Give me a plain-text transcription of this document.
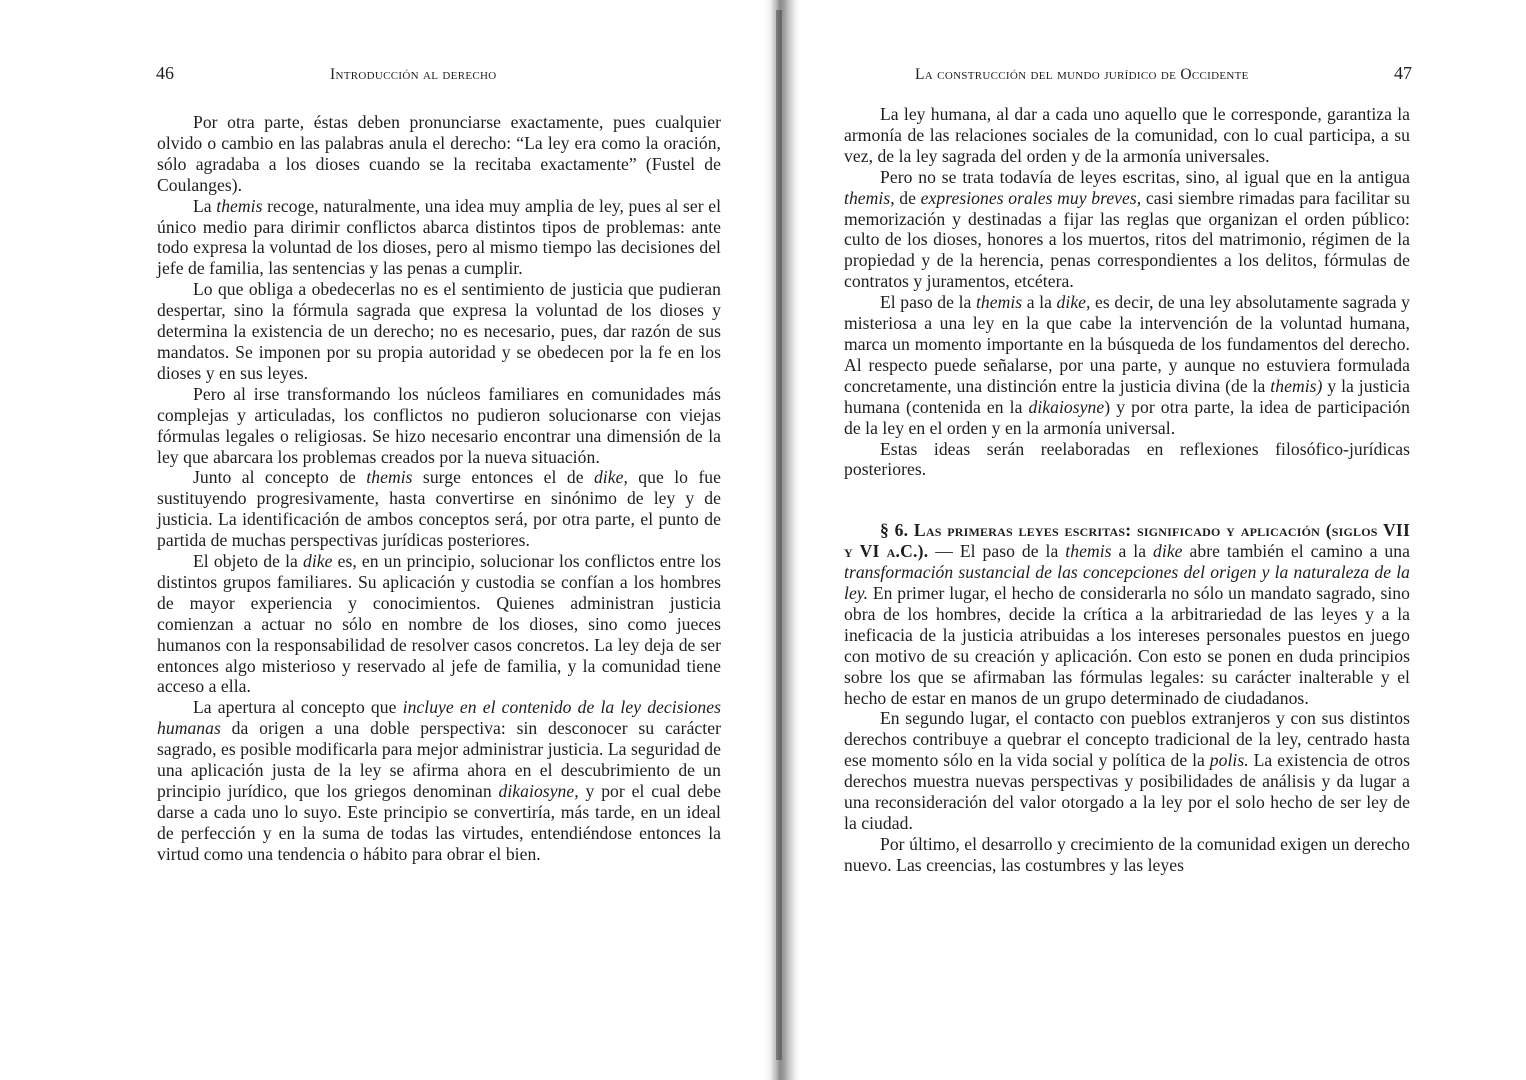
46	Introducción al derecho

Por otra parte, éstas deben pronunciarse exactamente, pues cualquier olvido o cambio en las palabras anula el derecho: “La ley era como la oración, sólo agradaba a los dioses cuando se la recitaba exactamente” (Fustel de Coulanges).

La themis recoge, naturalmente, una idea muy amplia de ley, pues al ser el único medio para dirimir conflictos abarca distintos tipos de problemas: ante todo expresa la voluntad de los dioses, pero al mismo tiempo las decisiones del jefe de familia, las sentencias y las penas a cumplir.

Lo que obliga a obedecerlas no es el sentimiento de justicia que pudieran despertar, sino la fórmula sagrada que expresa la voluntad de los dioses y determina la existencia de un derecho; no es necesario, pues, dar razón de sus mandatos. Se imponen por su propia autoridad y se obedecen por la fe en los dioses y en sus leyes.

Pero al irse transformando los núcleos familiares en comunidades más complejas y articuladas, los conflictos no pudieron solucionarse con viejas fórmulas legales o religiosas. Se hizo necesario encontrar una dimensión de la ley que abarcara los problemas creados por la nueva situación.

Junto al concepto de themis surge entonces el de dike, que lo fue sustituyendo progresivamente, hasta convertirse en sinónimo de ley y de justicia. La identificación de ambos conceptos será, por otra parte, el punto de partida de muchas perspectivas jurídicas posteriores.

El objeto de la dike es, en un principio, solucionar los conflictos entre los distintos grupos familiares. Su aplicación y custodia se confían a los hombres de mayor experiencia y conocimientos. Quienes administran justicia comienzan a actuar no sólo en nombre de los dioses, sino como jueces humanos con la responsabilidad de resolver casos concretos. La ley deja de ser entonces algo misterioso y reservado al jefe de familia, y la comunidad tiene acceso a ella.

La apertura al concepto que incluye en el contenido de la ley decisiones humanas da origen a una doble perspectiva: sin desconocer su carácter sagrado, es posible modificarla para mejor administrar justicia. La seguridad de una aplicación justa de la ley se afirma ahora en el descubrimiento de un principio jurídico, que los griegos denominan dikaiosyne, y por el cual debe darse a cada uno lo suyo. Este principio se convertiría, más tarde, en un ideal de perfección y en la suma de todas las virtudes, entendiéndose entonces la virtud como una tendencia o hábito para obrar el bien.

La construcción del mundo jurídico de Occidente	47

La ley humana, al dar a cada uno aquello que le corresponde, garantiza la armonía de las relaciones sociales de la comunidad, con lo cual participa, a su vez, de la ley sagrada del orden y de la armonía universales.

Pero no se trata todavía de leyes escritas, sino, al igual que en la antigua themis, de expresiones orales muy breves, casi siembre rimadas para facilitar su memorización y destinadas a fijar las reglas que organizan el orden público: culto de los dioses, honores a los muertos, ritos del matrimonio, régimen de la propiedad y de la herencia, penas correspondientes a los delitos, fórmulas de contratos y juramentos, etcétera.

El paso de la themis a la dike, es decir, de una ley absolutamente sagrada y misteriosa a una ley en la que cabe la intervención de la voluntad humana, marca un momento importante en la búsqueda de los fundamentos del derecho. Al respecto puede señalarse, por una parte, y aunque no estuviera formulada concretamente, una distinción entre la justicia divina (de la themis) y la justicia humana (contenida en la dikaiosyne) y por otra parte, la idea de participación de la ley en el orden y en la armonía universal.

Estas ideas serán reelaboradas en reflexiones filosófico-jurídicas posteriores.

§ 6. Las primeras leyes escritas: significado y aplicación (siglos VII y VI a.C.). — El paso de la themis a la dike abre también el camino a una transformación sustancial de las concepciones del origen y la naturaleza de la ley. En primer lugar, el hecho de considerarla no sólo un mandato sagrado, sino obra de los hombres, decide la crítica a la arbitrariedad de las leyes y a la ineficacia de la justicia atribuidas a los intereses personales puestos en juego con motivo de su creación y aplicación. Con esto se ponen en duda principios sobre los que se afirmaban las fórmulas legales: su carácter inalterable y el hecho de estar en manos de un grupo determinado de ciudadanos.

En segundo lugar, el contacto con pueblos extranjeros y con sus distintos derechos contribuye a quebrar el concepto tradicional de la ley, centrado hasta ese momento sólo en la vida social y política de la polis. La existencia de otros derechos muestra nuevas perspectivas y posibilidades de análisis y da lugar a una reconsideración del valor otorgado a la ley por el solo hecho de ser ley de la ciudad.

Por último, el desarrollo y crecimiento de la comunidad exigen un derecho nuevo. Las creencias, las costumbres y las leyes
